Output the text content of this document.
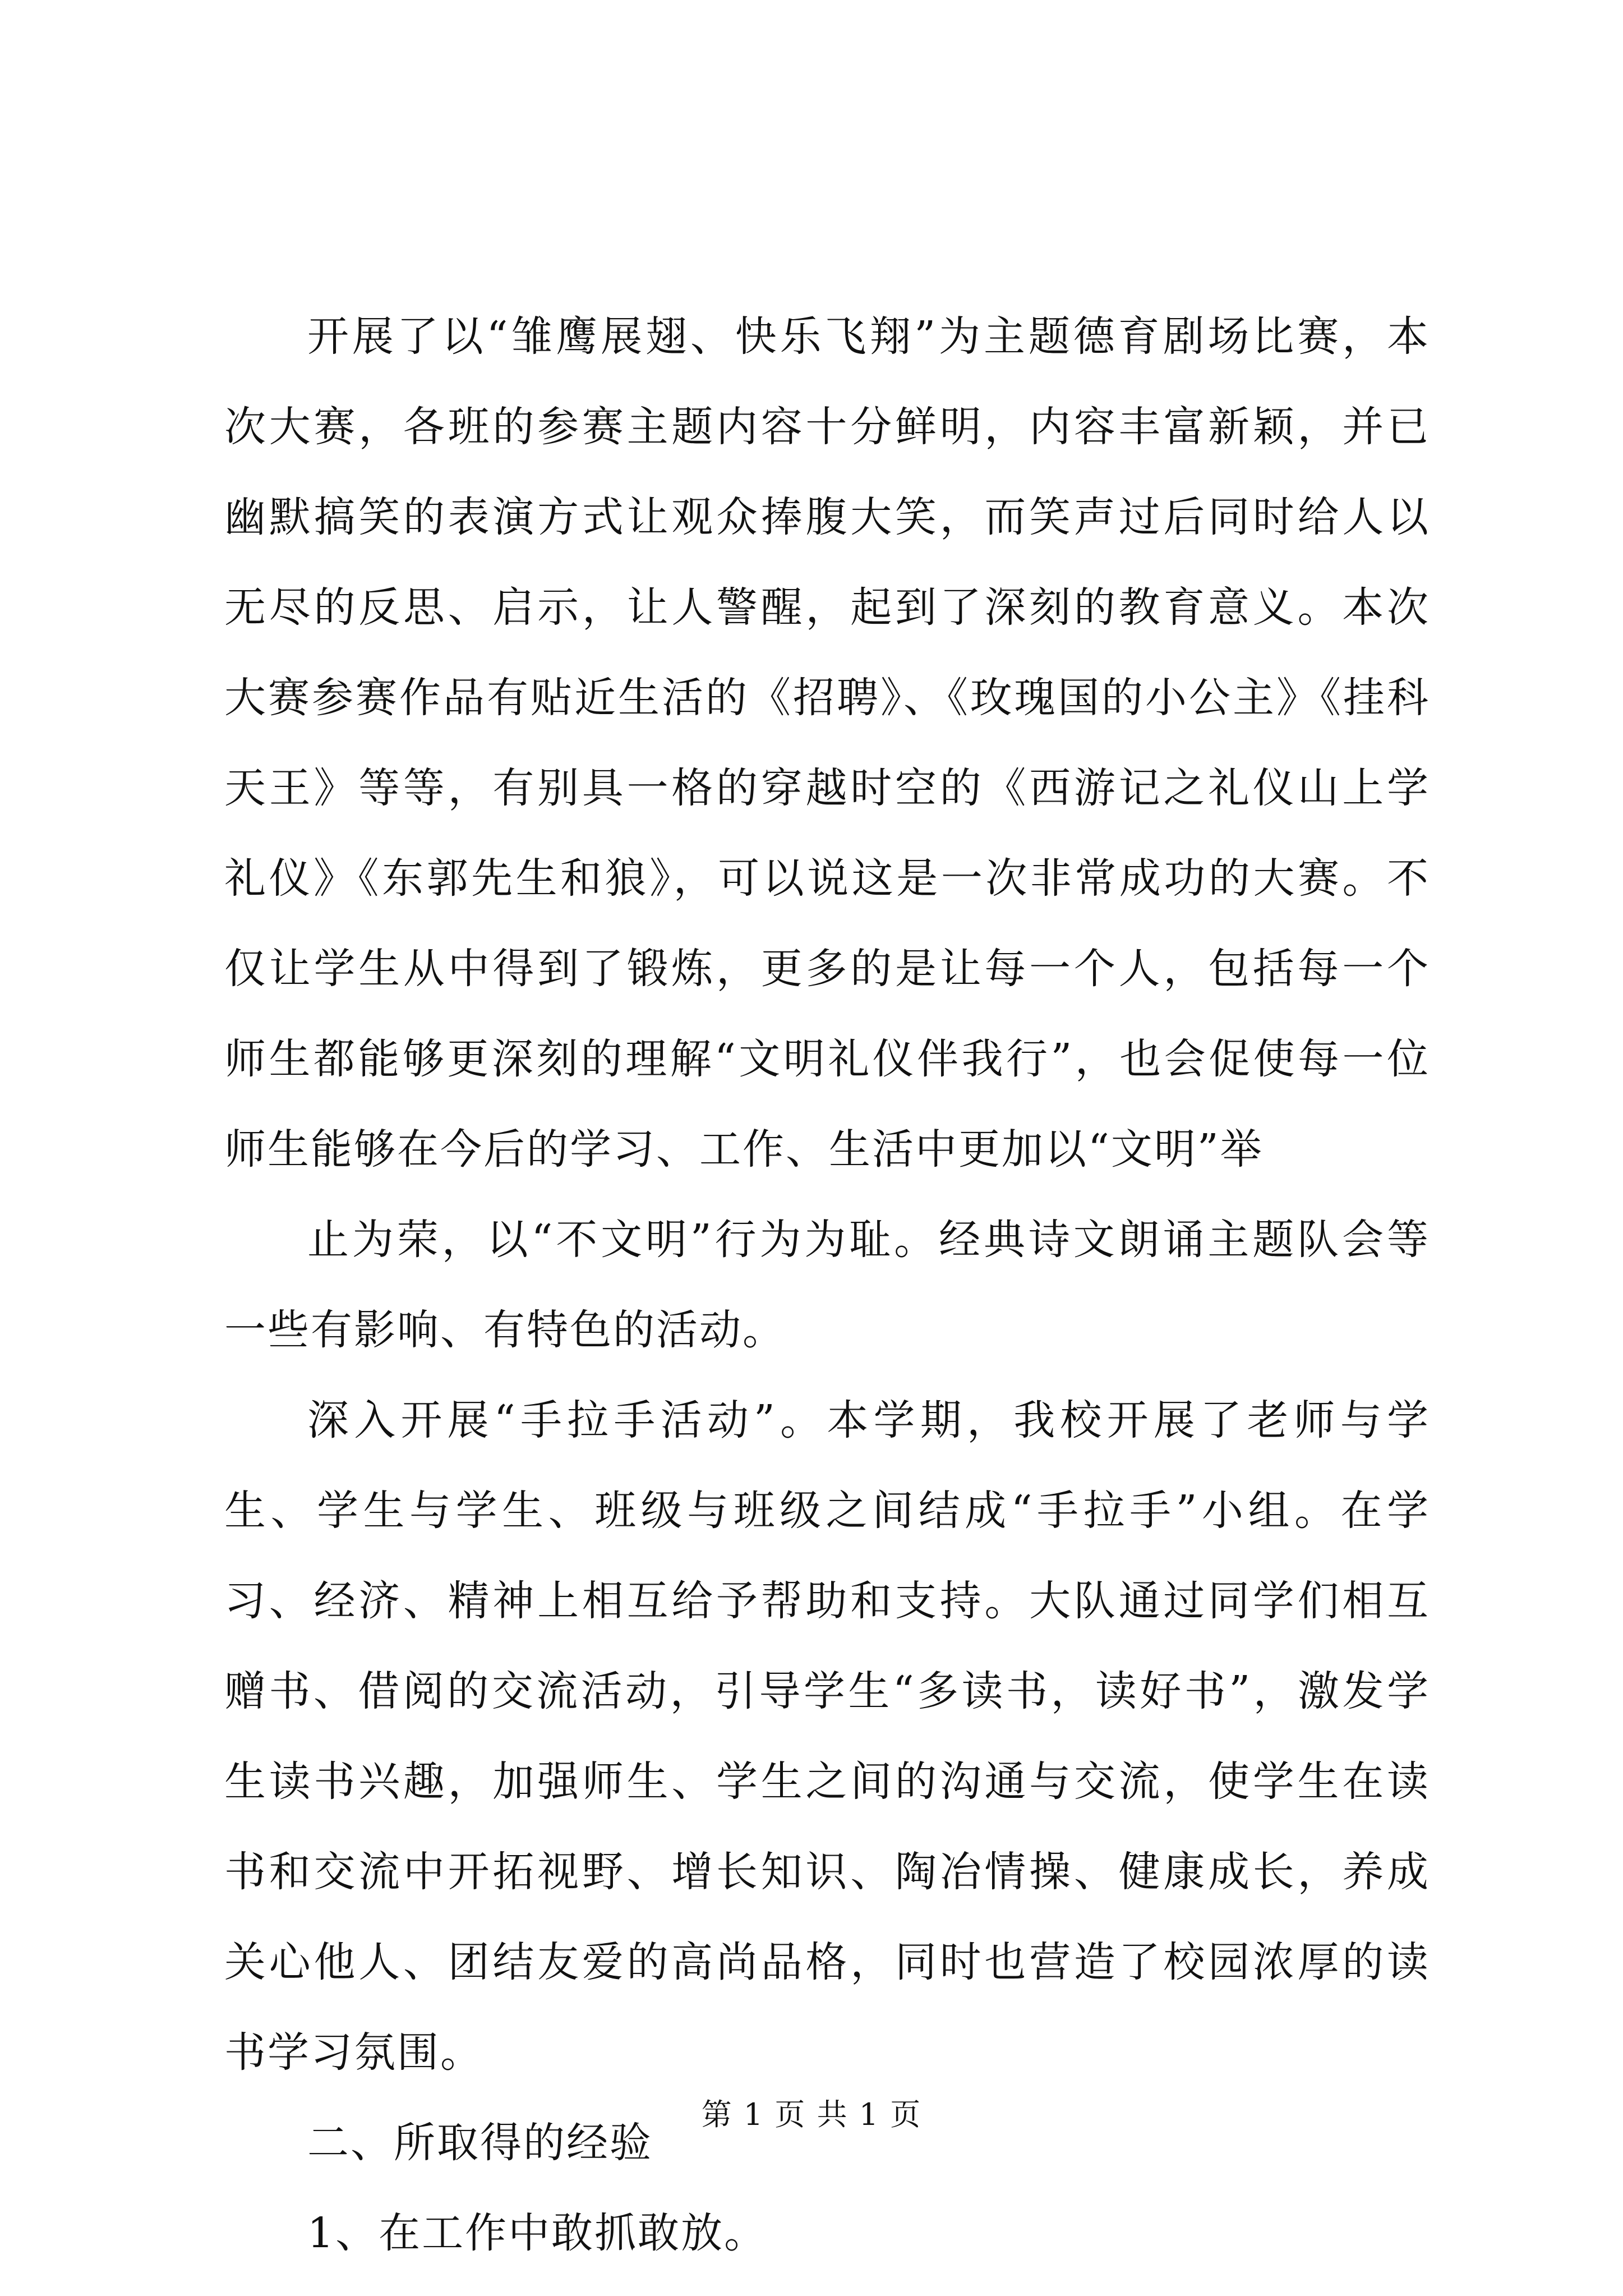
开展了以“雏鹰展翅、快乐飞翔”为主题德育剧场比赛，本次大赛，各班的参赛主题内容十分鲜明，内容丰富新颖，并已幽默搞笑的表演方式让观众捧腹大笑，而笑声过后同时给人以无尽的反思、启示，让人警醒，起到了深刻的教育意义。本次大赛参赛作品有贴近生活的《招聘》、《玫瑰国的小公主》《挂科天王》等等，有别具一格的穿越时空的《西游记之礼仪山上学礼仪》《东郭先生和狼》，可以说这是一次非常成功的大赛。不仅让学生从中得到了锻炼，更多的是让每一个人，包括每一个师生都能够更深刻的理解“文明礼仪伴我行”，也会促使每一位师生能够在今后的学习、工作、生活中更加以“文明”举

止为荣，以“不文明”行为为耻。经典诗文朗诵主题队会等一些有影响、有特色的活动。

深入开展“手拉手活动”。本学期，我校开展了老师与学生、学生与学生、班级与班级之间结成“手拉手”小组。在学习、经济、精神上相互给予帮助和支持。大队通过同学们相互赠书、借阅的交流活动，引导学生“多读书，读好书”，激发学生读书兴趣，加强师生、学生之间的沟通与交流，使学生在读书和交流中开拓视野、增长知识、陶冶情操、健康成长，养成关心他人、团结友爱的高尚品格，同时也营造了校园浓厚的读书学习氛围。

二、所取得的经验

1、在工作中敢抓敢放。

第 1 页 共 1 页
